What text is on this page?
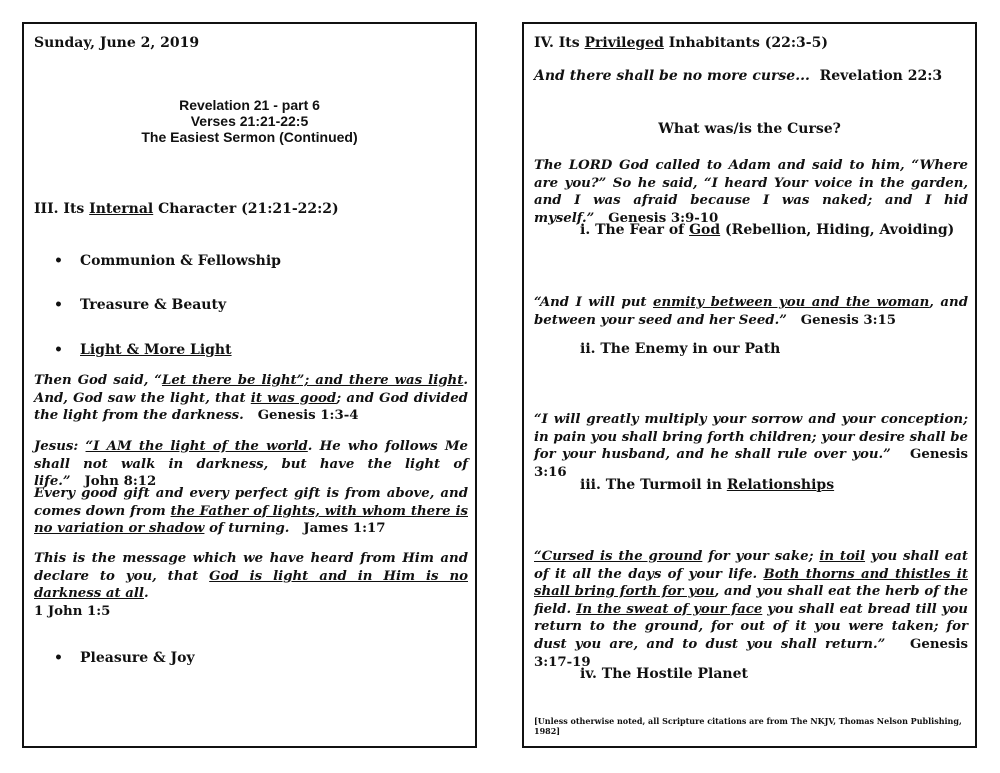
Sunday, June 2, 2019
Revelation 21 - part 6
Verses 21:21-22:5
The Easiest Sermon (Continued)
III. Its Internal Character (21:21-22:2)
• Communion & Fellowship
• Treasure & Beauty
• Light & More Light

Then God said, “Let there be light”; and there was light. And, God saw the light, that it was good; and God divided the light from the darkness. Genesis 1:3-4

Jesus: “I AM the light of the world. He who follows Me shall not walk in darkness, but have the light of life.” John 8:12

Every good gift and every perfect gift is from above, and comes down from the Father of lights, with whom there is no variation or shadow of turning. James 1:17

This is the message which we have heard from Him and declare to you, that God is light and in Him is no darkness at all.
1 John 1:5

• Pleasure & Joy
IV. Its Privileged Inhabitants (22:3-5)
And there shall be no more curse... Revelation 22:3
What was/is the Curse?

The LORD God called to Adam and said to him, “Where are you?” So he said, “I heard Your voice in the garden, and I was afraid because I was naked; and I hid myself.” Genesis 3:9-10

i. The Fear of God (Rebellion, Hiding, Avoiding)

“And I will put enmity between you and the woman, and between your seed and her Seed.” Genesis 3:15

ii. The Enemy in our Path

“I will greatly multiply your sorrow and your conception; in pain you shall bring forth children; your desire shall be for your husband, and he shall rule over you.” Genesis 3:16

iii. The Turmoil in Relationships

“Cursed is the ground for your sake; in toil you shall eat of it all the days of your life. Both thorns and thistles it shall bring forth for you, and you shall eat the herb of the field. In the sweat of your face you shall eat bread till you return to the ground, for out of it you were taken; for dust you are, and to dust you shall return.” Genesis 3:17-19

iv. The Hostile Planet
[Unless otherwise noted, all Scripture citations are from The NKJV, Thomas Nelson Publishing, 1982]
